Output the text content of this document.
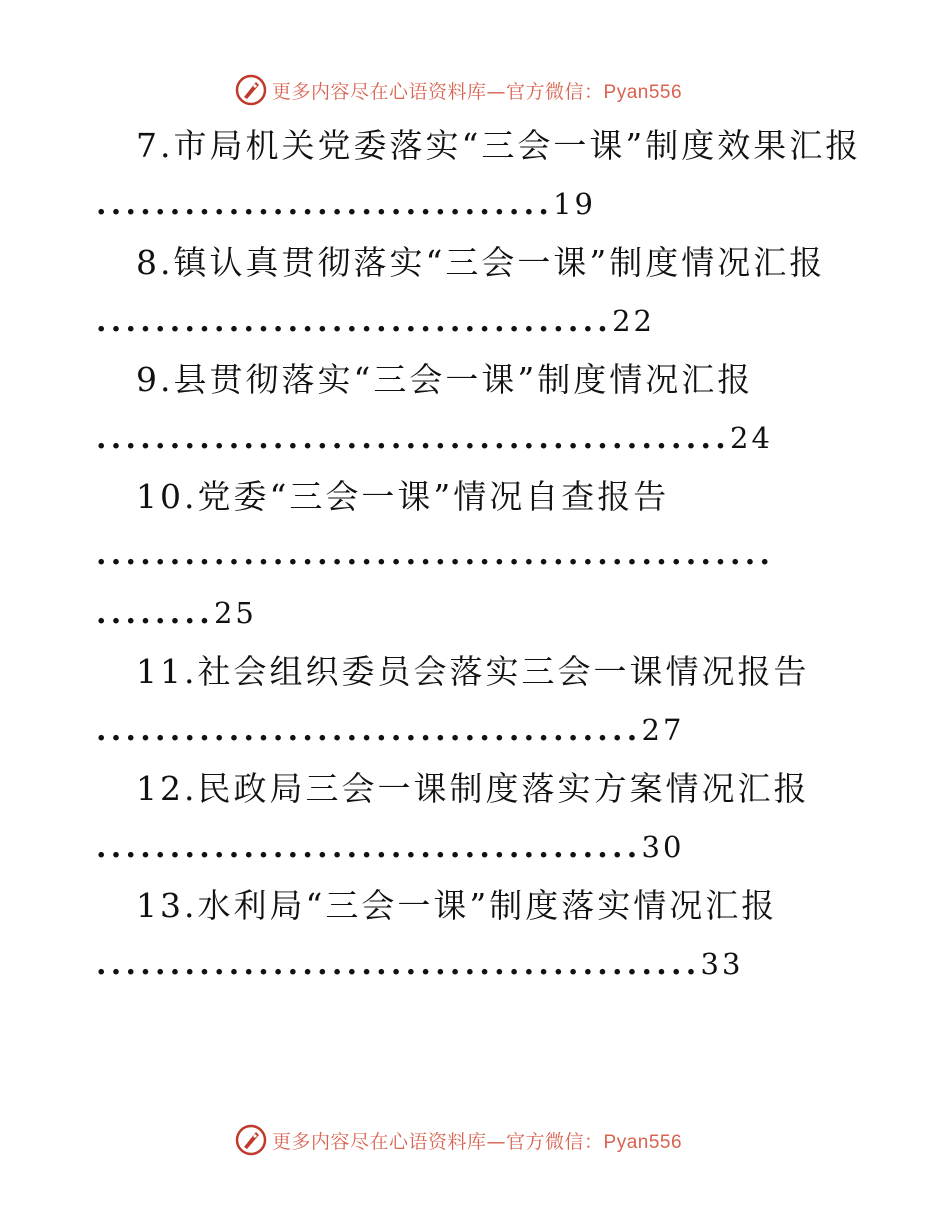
更多内容尽在心语资料库—官方微信：Pyan556
7.市局机关党委落实“三会一课”制度效果汇报
...............................19
8.镇认真贯彻落实“三会一课”制度情况汇报
...................................22
9.县贯彻落实“三会一课”制度情况汇报
...........................................24
10.党委“三会一课”情况自查报告
..............................................
........25
11.社会组织委员会落实三会一课情况报告
.....................................27
12.民政局三会一课制度落实方案情况汇报
.....................................30
13.水利局“三会一课”制度落实情况汇报
.........................................33
更多内容尽在心语资料库—官方微信：Pyan556
